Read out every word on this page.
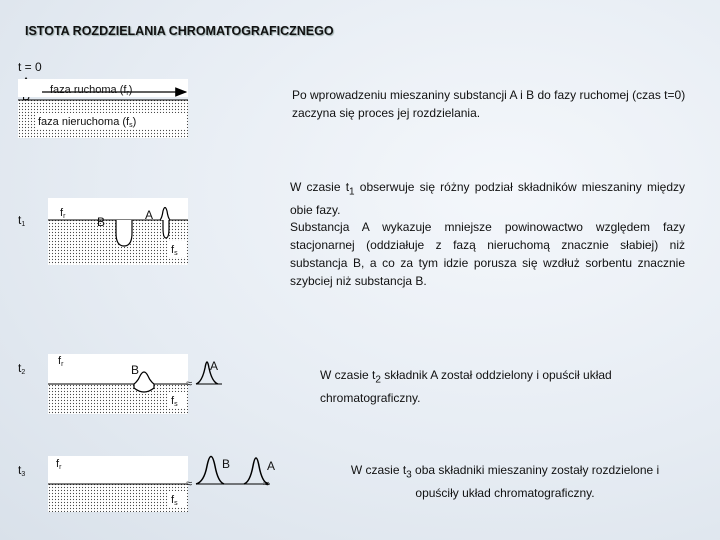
ISTOTA ROZDZIELANIA CHROMATOGRAFICZNEGO
t = 0
faza ruchoma (fr)
faza nieruchoma (fs)
t1
fr	B	A
fs
t2
fr	B
≈
A
fs
t3
fr
≈	≈
B	A
fs
Po wprowadzeniu mieszaniny substancji A i B do fazy ruchomej (czas t=0) zaczyna się proces jej rozdzielania.
W czasie $t_1$ obserwuje się różny podział składników mieszaniny między obie fazy.
Substancja A wykazuje mniejsze powinowactwo względem fazy stacjonarnej (oddziałuje z fazą nieruchomą znacznie słabiej) niż substancja B, a co za tym idzie porusza się wzdłuż sorbentu znacznie szybciej niż substancja B.
W czasie $t_2$ składnik A został oddzielony i opuścił układ chromatograficzny.
W czasie $t_3$ oba składniki mieszaniny zostały rozdzielone i opuściły układ chromatograficzny.
